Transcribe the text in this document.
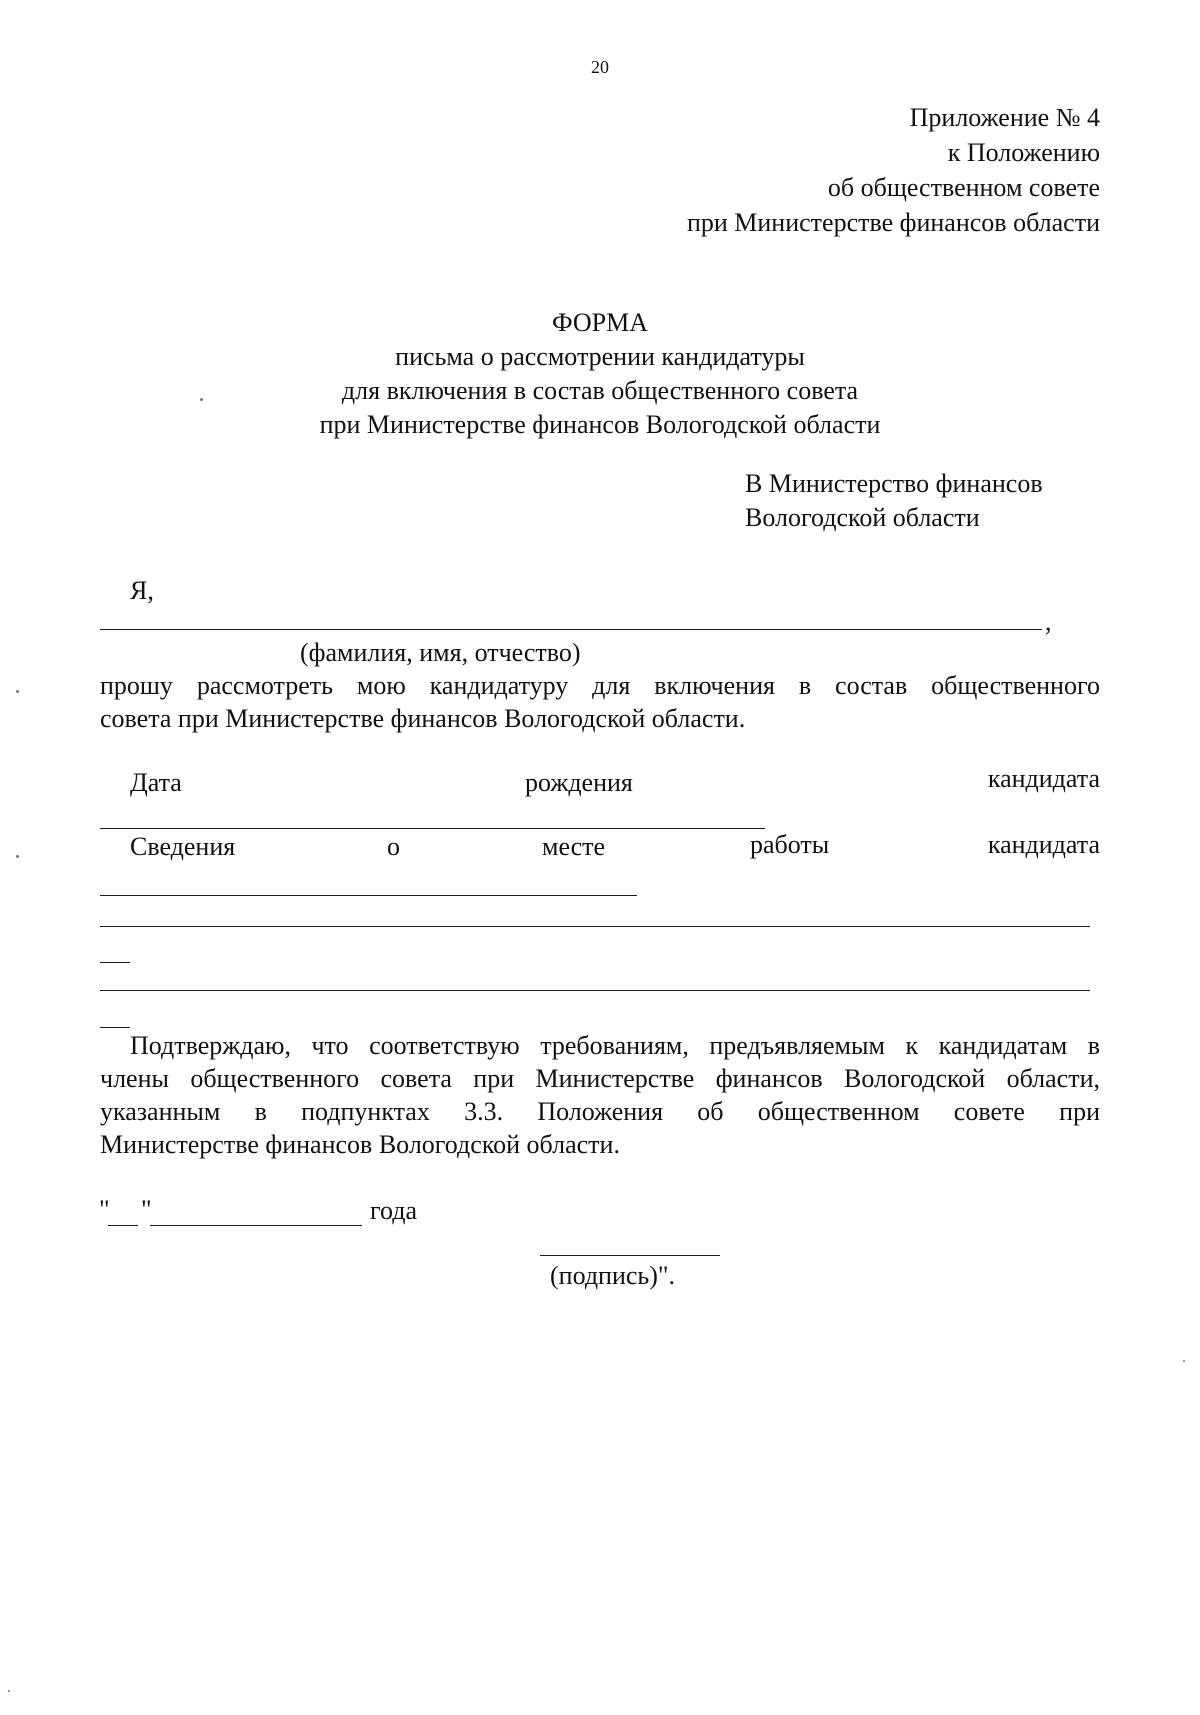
20
Приложение № 4
к Положению
об общественном совете
при Министерстве финансов области
ФОРМА
письма о рассмотрении кандидатуры
для включения в состав общественного совета
при Министерстве финансов Вологодской области
В Министерство финансов
Вологодской области
Я,
,
(фамилия, имя, отчество)
прошу рассмотреть мою кандидатуру для включения в состав общественного
совета при Министерстве финансов Вологодской области.
Дата	рождения	кандидата
Сведения	о	месте	работы	кандидата
Подтверждаю, что соответствую требованиям, предъявляемым к кандидатам в
члены общественного совета при Министерстве финансов Вологодской области,
указанным в подпунктах 3.3. Положения об общественном совете при
Министерстве финансов Вологодской области.
" "	года
(подпись)".
